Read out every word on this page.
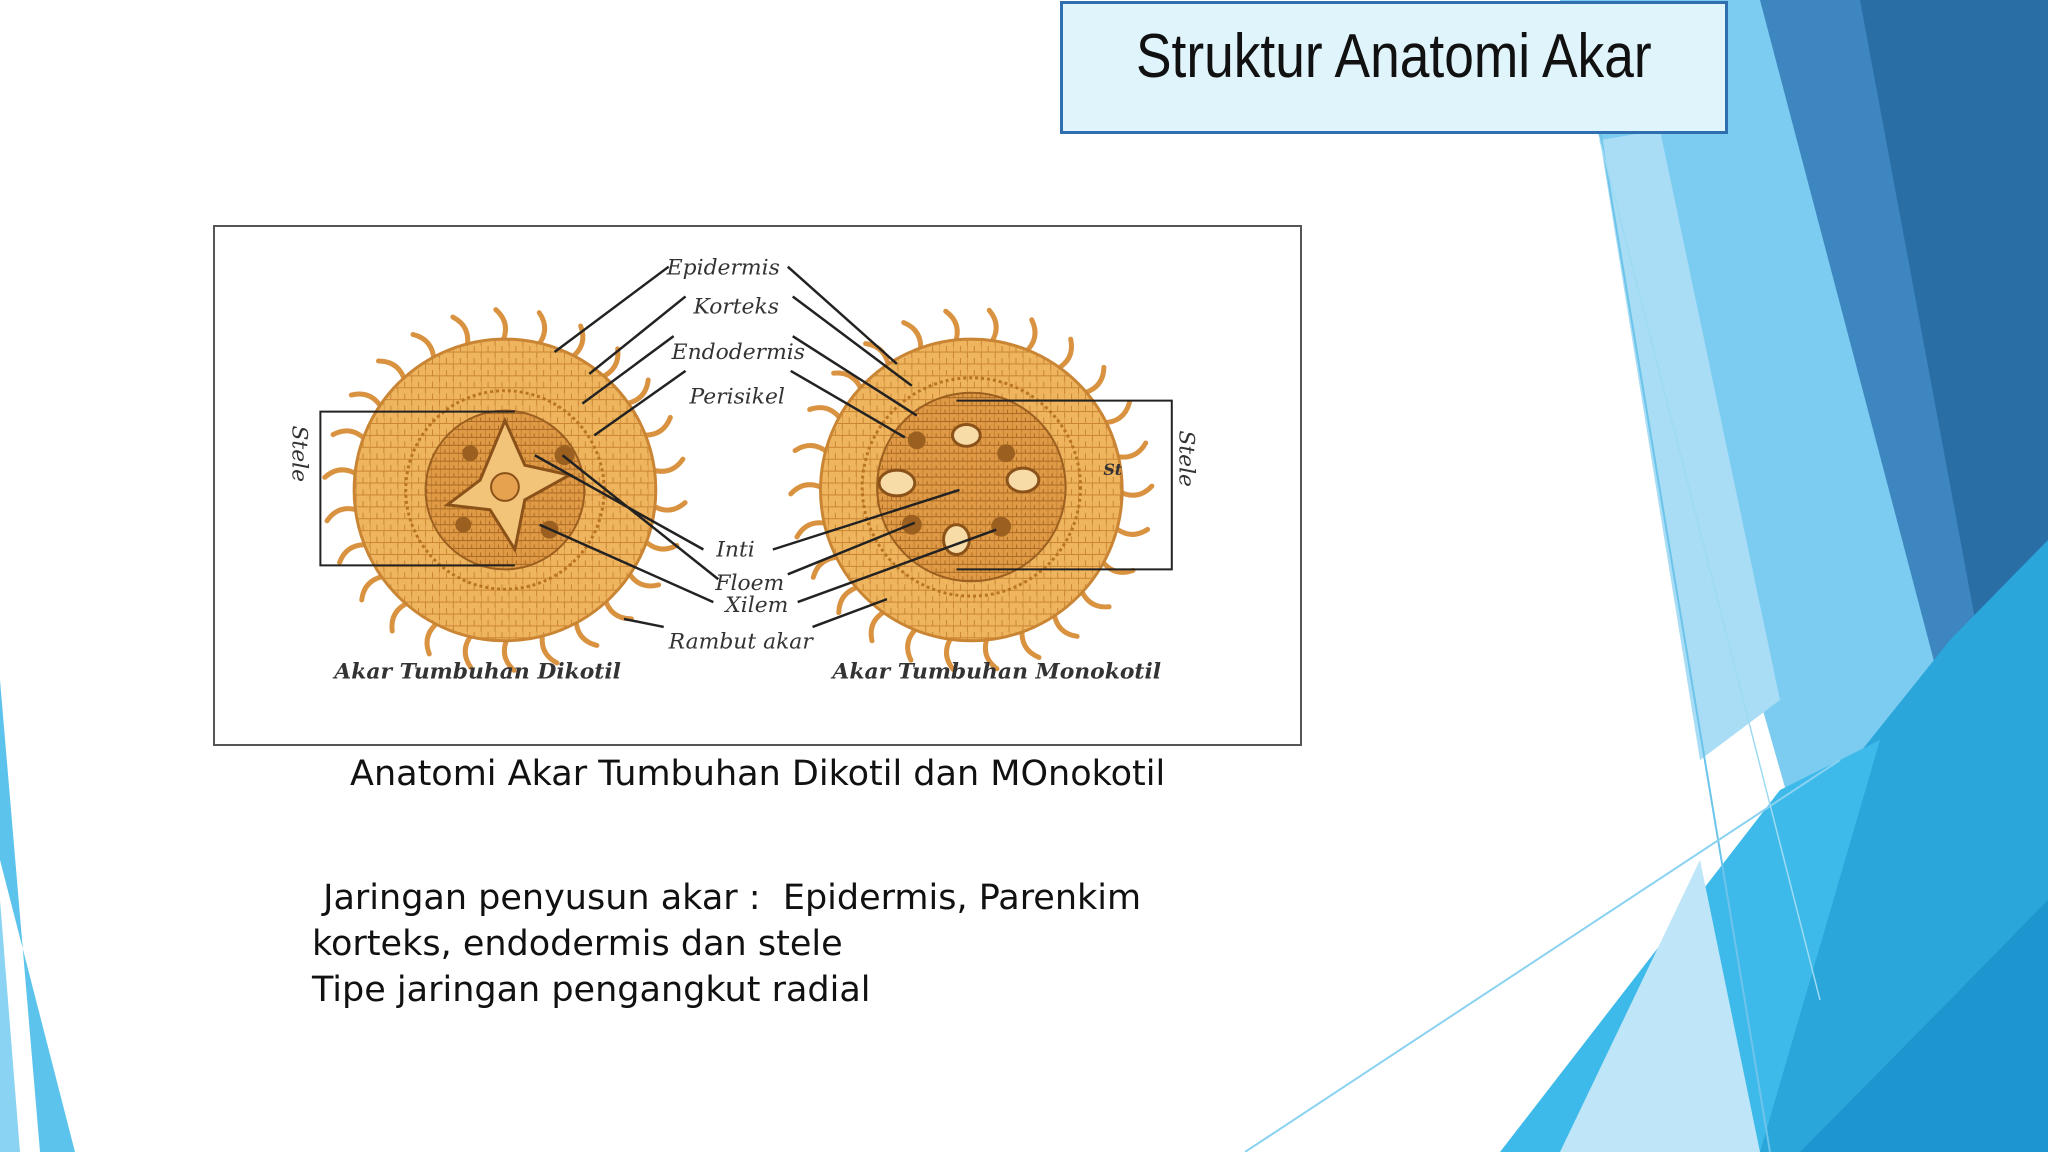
Struktur Anatomi Akar
Epidermis
Korteks
Endodermis
Perisikel
Inti
Floem
Xilem
Rambut akar
St
Stele	Stele
Akar Tumbuhan Dikotil	Akar Tumbuhan Monokotil
Anatomi Akar Tumbuhan Dikotil dan MOnokotil
Jaringan penyusun akar :  Epidermis, Parenkim
korteks, endodermis dan stele
Tipe jaringan pengangkut radial
